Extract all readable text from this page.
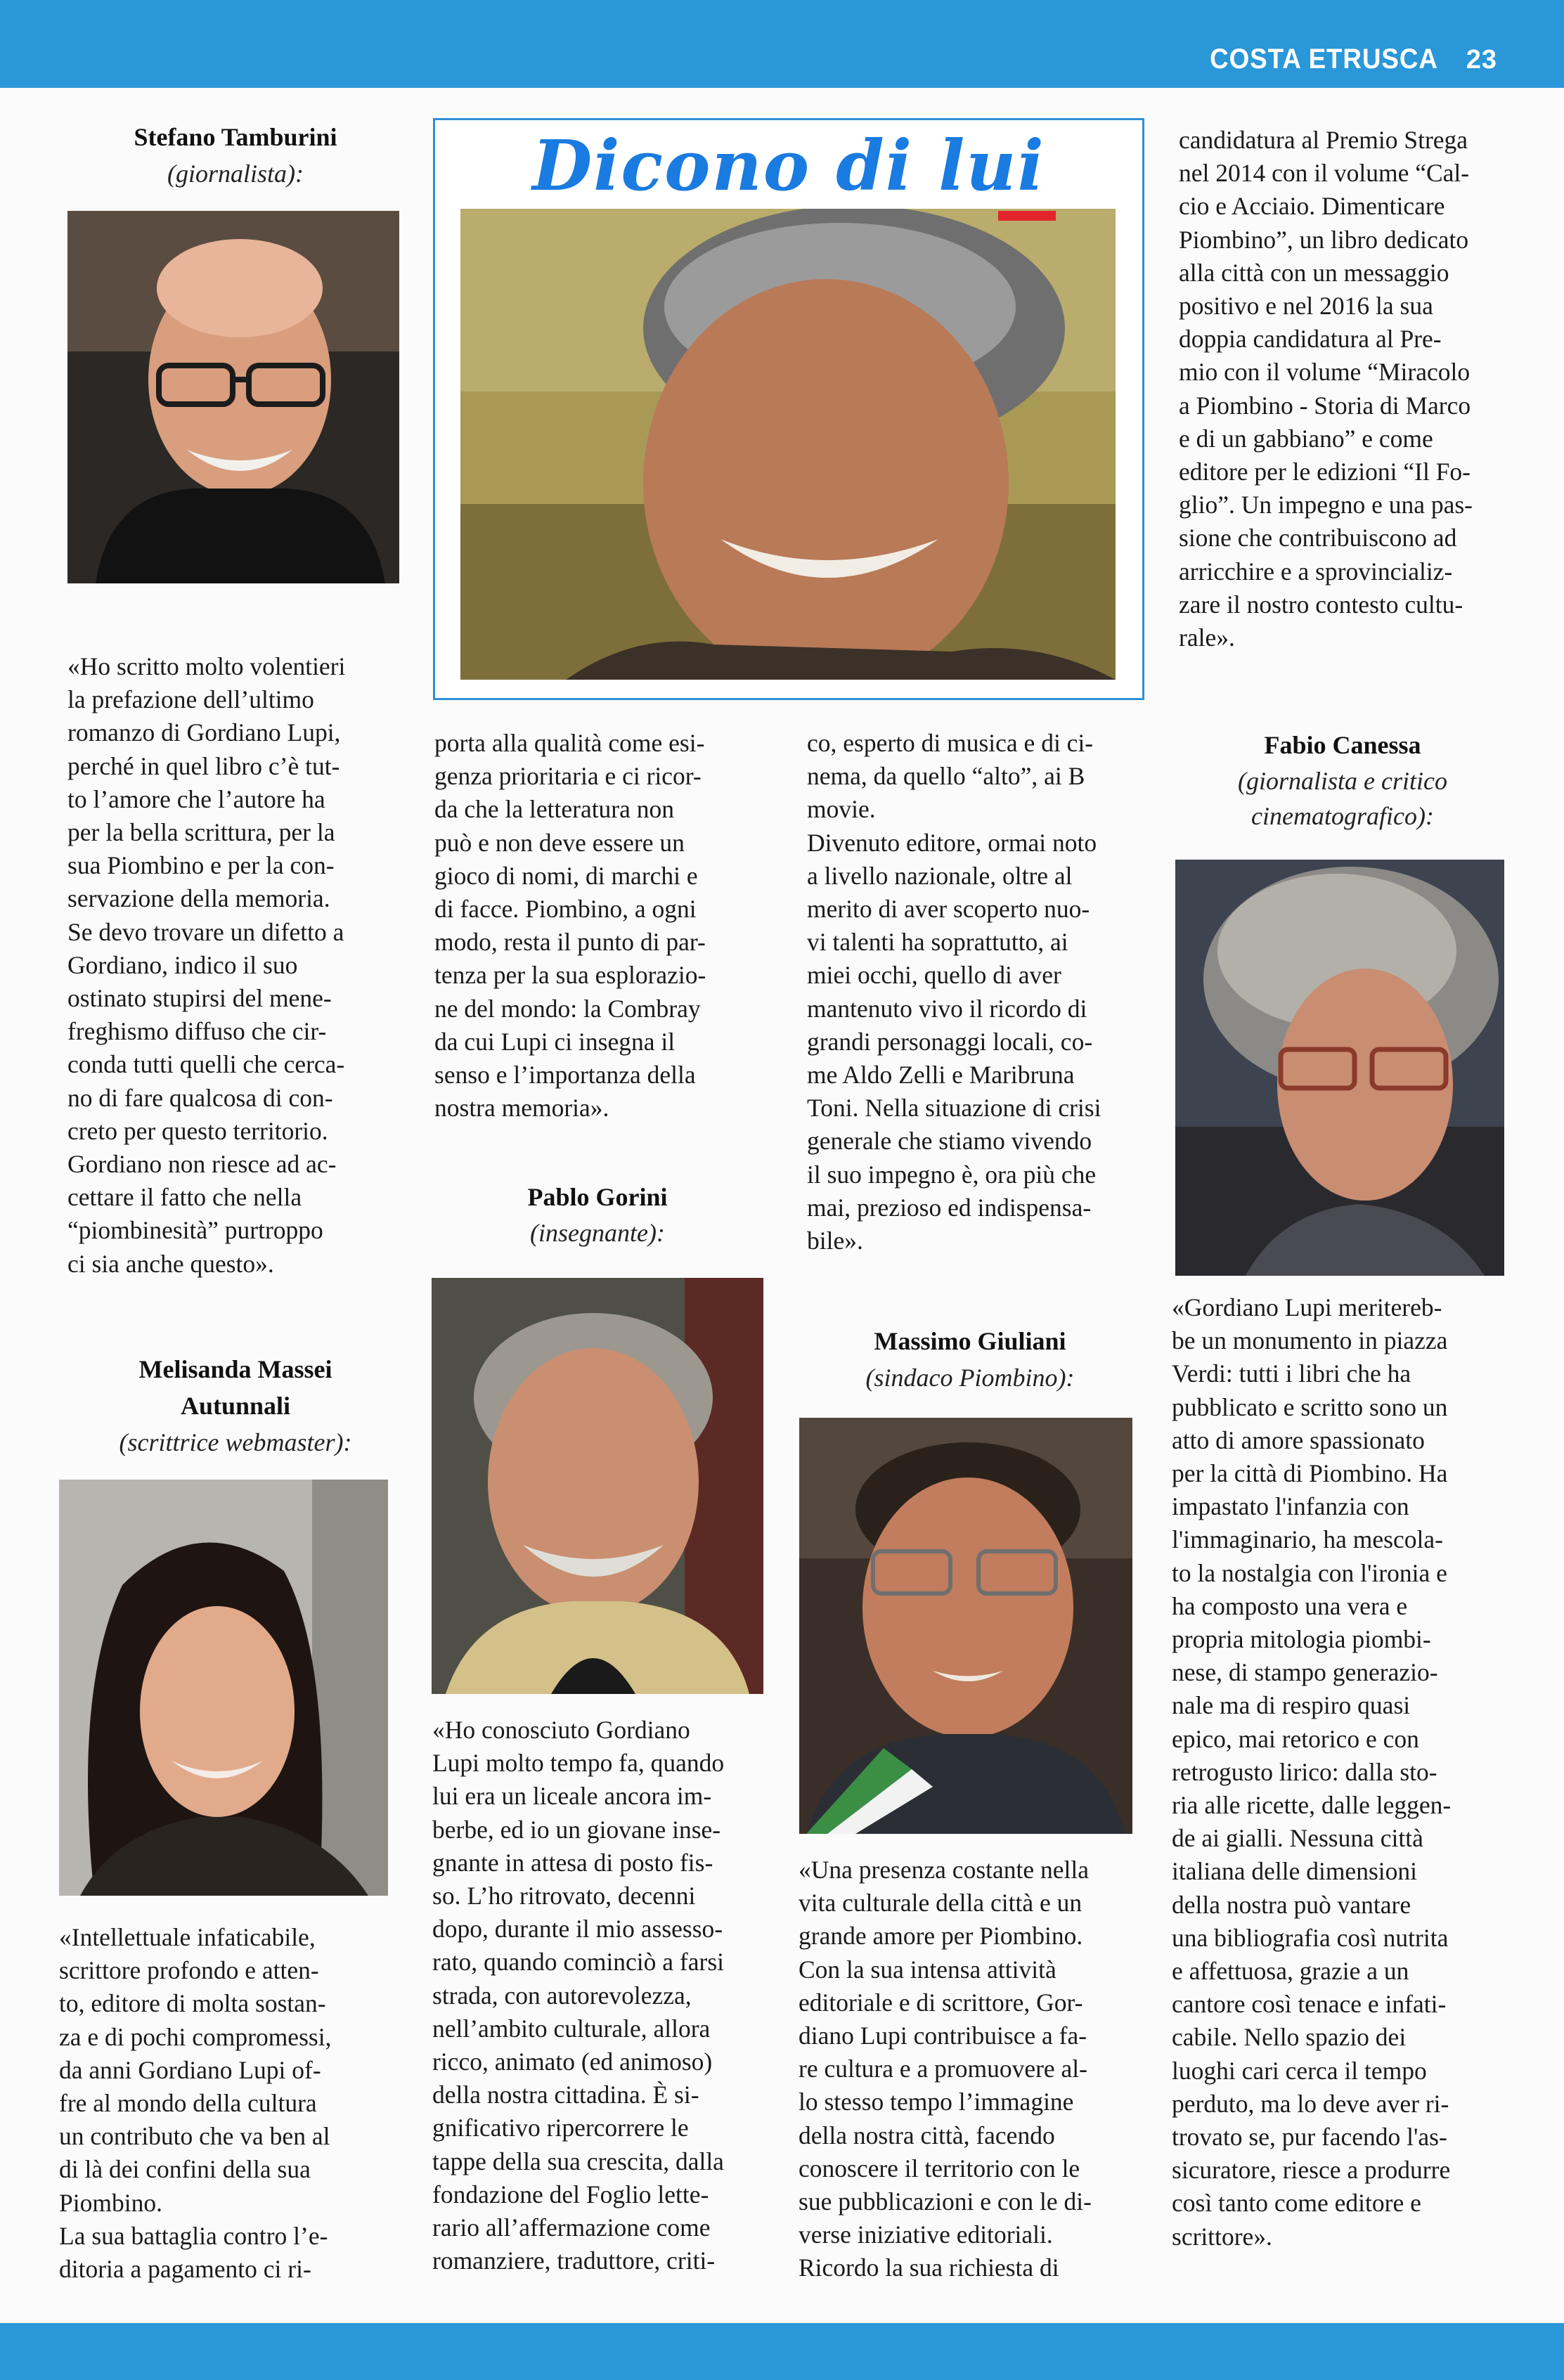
COSTA ETRUSCA 23
Stefano Tamburini
(giornalista):
«Ho scritto molto volentieri
la prefazione dell’ultimo
romanzo di Gordiano Lupi,
perché in quel libro c’è tut-
to l’amore che l’autore ha
per la bella scrittura, per la
sua Piombino e per la con-
servazione della memoria.
Se devo trovare un difetto a
Gordiano, indico il suo
ostinato stupirsi del mene-
freghismo diffuso che cir-
conda tutti quelli che cerca-
no di fare qualcosa di con-
creto per questo territorio.
Gordiano non riesce ad ac-
cettare il fatto che nella
“piombinesità” purtroppo
ci sia anche questo».
Melisanda Massei
Autunnali
(scrittrice webmaster):
«Intellettuale infaticabile,
scrittore profondo e atten-
to, editore di molta sostan-
za e di pochi compromessi,
da anni Gordiano Lupi of-
fre al mondo della cultura
un contributo che va ben al
di là dei confini della sua
Piombino.
La sua battaglia contro l’e-
ditoria a pagamento ci ri-
Dicono di lui
porta alla qualità come esi-
genza prioritaria e ci ricor-
da che la letteratura non
può e non deve essere un
gioco di nomi, di marchi e
di facce. Piombino, a ogni
modo, resta il punto di par-
tenza per la sua esplorazio-
ne del mondo: la Combray
da cui Lupi ci insegna il
senso e l’importanza della
nostra memoria».
Pablo Gorini
(insegnante):
«Ho conosciuto Gordiano
Lupi molto tempo fa, quando
lui era un liceale ancora im-
berbe, ed io un giovane inse-
gnante in attesa di posto fis-
so. L’ho ritrovato, decenni
dopo, durante il mio assesso-
rato, quando cominciò a farsi
strada, con autorevolezza,
nell’ambito culturale, allora
ricco, animato (ed animoso)
della nostra cittadina. È si-
gnificativo ripercorrere le
tappe della sua crescita, dalla
fondazione del Foglio lette-
rario all’affermazione come
romanziere, traduttore, criti-
co, esperto di musica e di ci-
nema, da quello “alto”, ai B
movie.
Divenuto editore, ormai noto
a livello nazionale, oltre al
merito di aver scoperto nuo-
vi talenti ha soprattutto, ai
miei occhi, quello di aver
mantenuto vivo il ricordo di
grandi personaggi locali, co-
me Aldo Zelli e Maribruna
Toni. Nella situazione di crisi
generale che stiamo vivendo
il suo impegno è, ora più che
mai, prezioso ed indispensa-
bile».
Massimo Giuliani
(sindaco Piombino):
«Una presenza costante nella
vita culturale della città e un
grande amore per Piombino.
Con la sua intensa attività
editoriale e di scrittore, Gor-
diano Lupi contribuisce a fa-
re cultura e a promuovere al-
lo stesso tempo l’immagine
della nostra città, facendo
conoscere il territorio con le
sue pubblicazioni e con le di-
verse iniziative editoriali.
Ricordo la sua richiesta di
candidatura al Premio Strega
nel 2014 con il volume “Cal-
cio e Acciaio. Dimenticare
Piombino”, un libro dedicato
alla città con un messaggio
positivo e nel 2016 la sua
doppia candidatura al Pre-
mio con il volume “Miracolo
a Piombino - Storia di Marco
e di un gabbiano” e come
editore per le edizioni “Il Fo-
glio”. Un impegno e una pas-
sione che contribuiscono ad
arricchire e a sprovincializ-
zare il nostro contesto cultu-
rale».
Fabio Canessa
(giornalista e critico
cinematografico):
«Gordiano Lupi meritereb-
be un monumento in piazza
Verdi: tutti i libri che ha
pubblicato e scritto sono un
atto di amore spassionato
per la città di Piombino. Ha
impastato l'infanzia con
l'immaginario, ha mescola-
to la nostalgia con l'ironia e
ha composto una vera e
propria mitologia piombi-
nese, di stampo generazio-
nale ma di respiro quasi
epico, mai retorico e con
retrogusto lirico: dalla sto-
ria alle ricette, dalle leggen-
de ai gialli. Nessuna città
italiana delle dimensioni
della nostra può vantare
una bibliografia così nutrita
e affettuosa, grazie a un
cantore così tenace e infati-
cabile. Nello spazio dei
luoghi cari cerca il tempo
perduto, ma lo deve aver ri-
trovato se, pur facendo l'as-
sicuratore, riesce a produrre
così tanto come editore e
scrittore».
